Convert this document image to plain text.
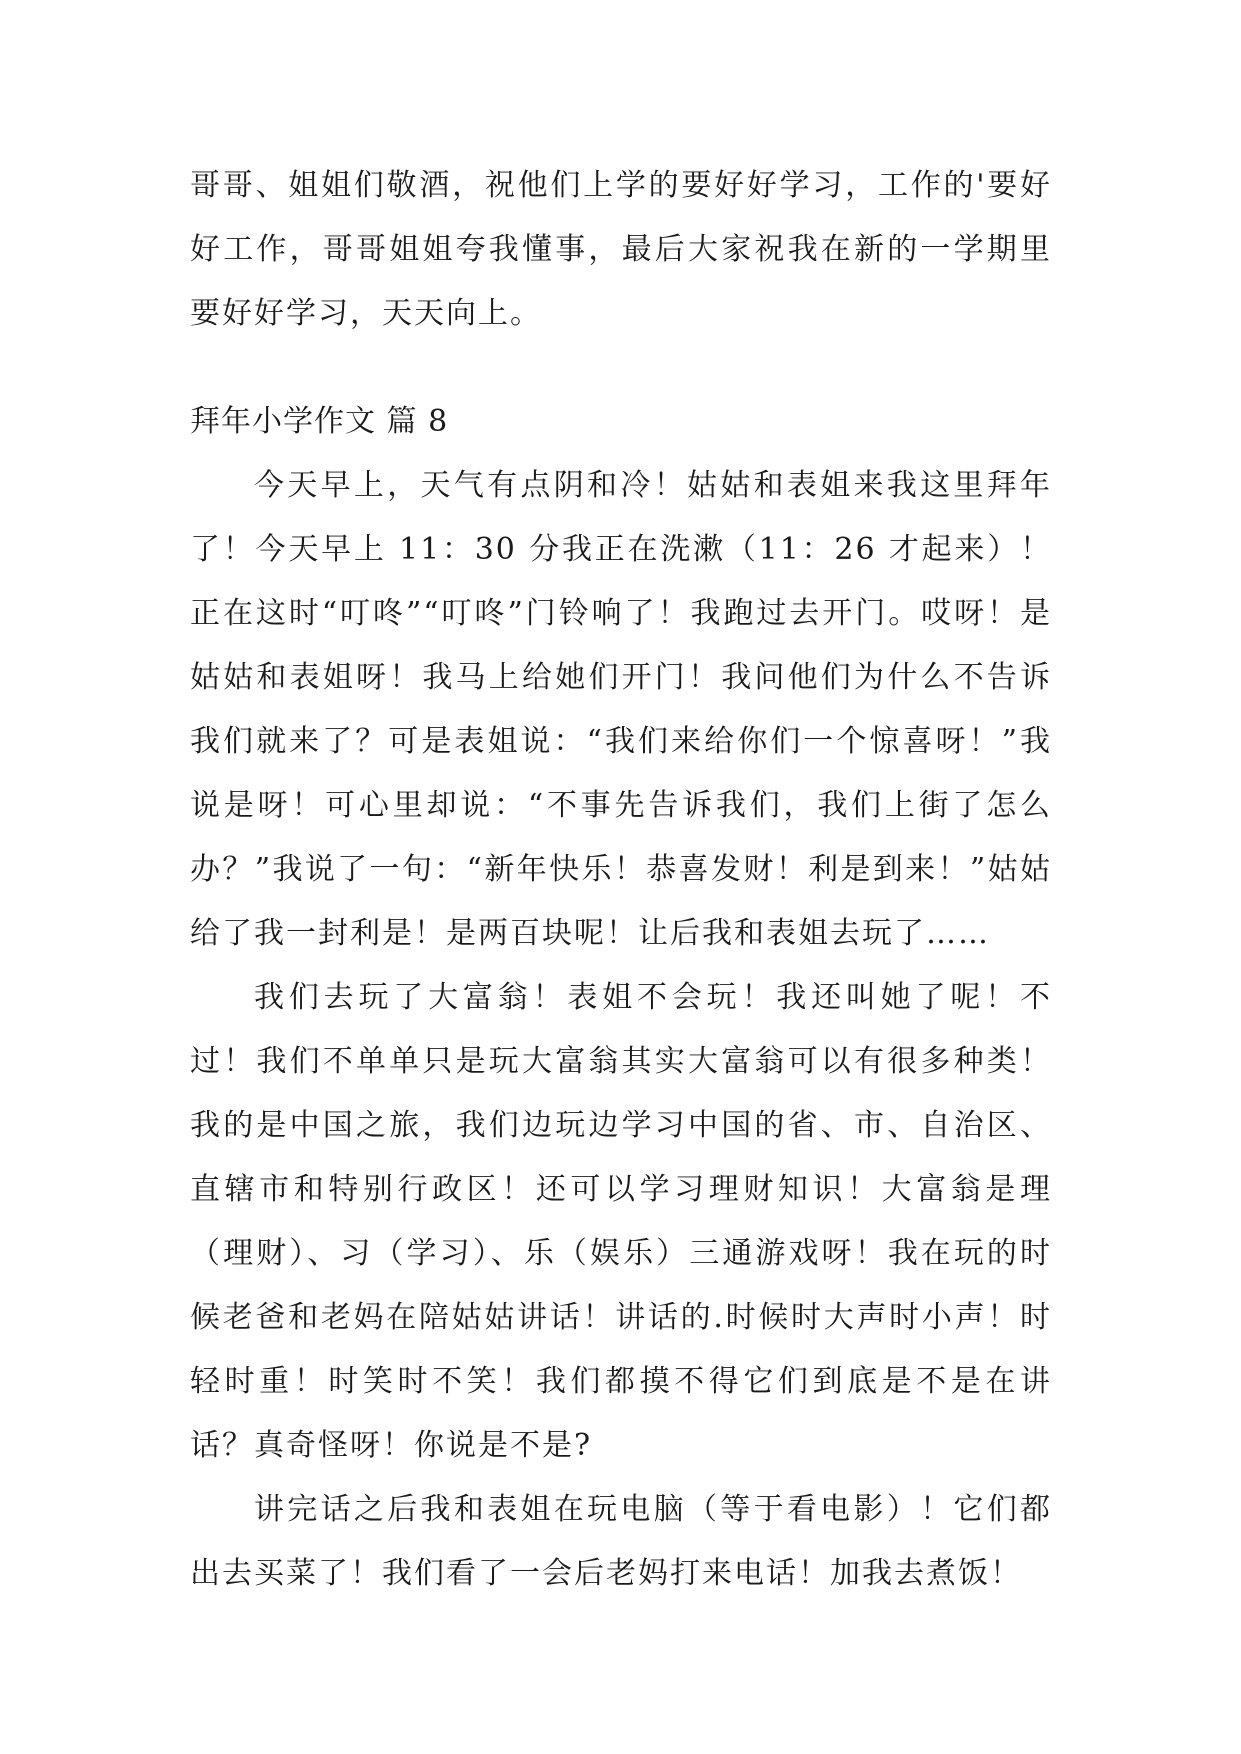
哥哥、姐姐们敬酒，祝他们上学的要好好学习，工作的'要好好工作，哥哥姐姐夸我懂事，最后大家祝我在新的一学期里要好好学习，天天向上。

拜年小学作文 篇 8

今天早上，天气有点阴和冷！姑姑和表姐来我这里拜年了！今天早上 11：30 分我正在洗漱（11：26 才起来）！正在这时“叮咚”“叮咚”门铃响了！我跑过去开门。哎呀！是姑姑和表姐呀！我马上给她们开门！我问他们为什么不告诉我们就来了？可是表姐说：“我们来给你们一个惊喜呀！”我说是呀！可心里却说：“不事先告诉我们，我们上街了怎么办？”我说了一句：“新年快乐！恭喜发财！利是到来！”姑姑给了我一封利是！是两百块呢！让后我和表姐去玩了……

我们去玩了大富翁！表姐不会玩！我还叫她了呢！不过！我们不单单只是玩大富翁其实大富翁可以有很多种类！我的是中国之旅，我们边玩边学习中国的省、市、自治区、直辖市和特别行政区！还可以学习理财知识！大富翁是理（理财）、习（学习）、乐（娱乐）三通游戏呀！我在玩的时候老爸和老妈在陪姑姑讲话！讲话的.时候时大声时小声！时轻时重！时笑时不笑！我们都摸不得它们到底是不是在讲话？真奇怪呀！你说是不是?

讲完话之后我和表姐在玩电脑（等于看电影）！它们都出去买菜了！我们看了一会后老妈打来电话！加我去煮饭！
